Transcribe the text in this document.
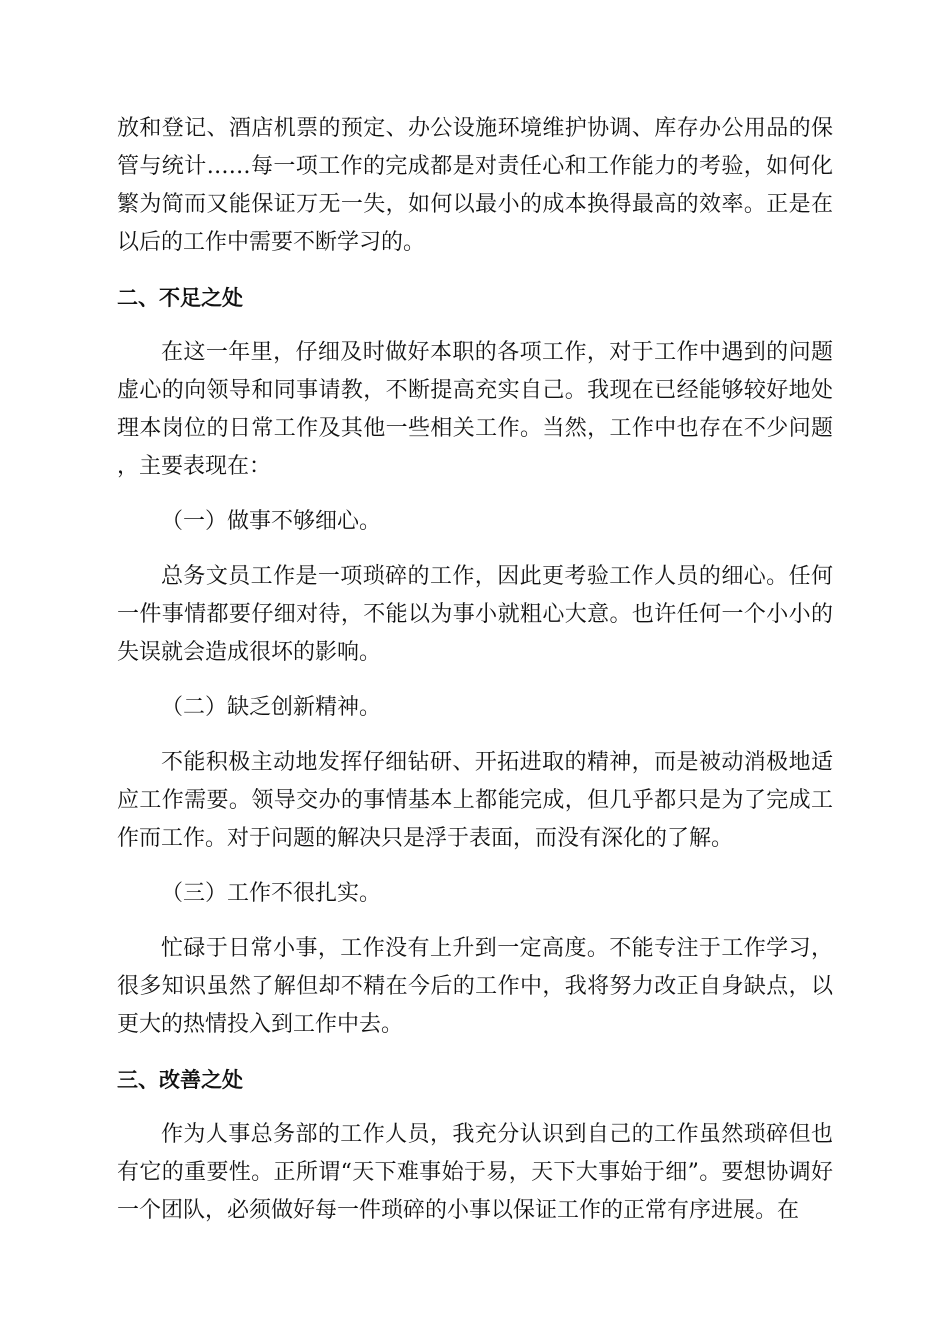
放和登记、酒店机票的预定、办公设施环境维护协调、库存办公用品的保管与统计……每一项工作的完成都是对责任心和工作能力的考验，如何化繁为简而又能保证万无一失，如何以最小的成本换得最高的效率。正是在以后的工作中需要不断学习的。

二、不足之处

在这一年里，仔细及时做好本职的各项工作，对于工作中遇到的问题虚心的向领导和同事请教，不断提高充实自己。我现在已经能够较好地处理本岗位的日常工作及其他一些相关工作。当然，工作中也存在不少问题，主要表现在：

（一）做事不够细心。

总务文员工作是一项琐碎的工作，因此更考验工作人员的细心。任何一件事情都要仔细对待，不能以为事小就粗心大意。也许任何一个小小的失误就会造成很坏的影响。

（二）缺乏创新精神。

不能积极主动地发挥仔细钻研、开拓进取的精神，而是被动消极地适应工作需要。领导交办的事情基本上都能完成，但几乎都只是为了完成工作而工作。对于问题的解决只是浮于表面，而没有深化的了解。

（三）工作不很扎实。

忙碌于日常小事，工作没有上升到一定高度。不能专注于工作学习，很多知识虽然了解但却不精在今后的工作中，我将努力改正自身缺点，以更大的热情投入到工作中去。

三、改善之处

作为人事总务部的工作人员，我充分认识到自己的工作虽然琐碎但也有它的重要性。正所谓“天下难事始于易，天下大事始于细”。要想协调好一个团队，必须做好每一件琐碎的小事以保证工作的正常有序进展。在
